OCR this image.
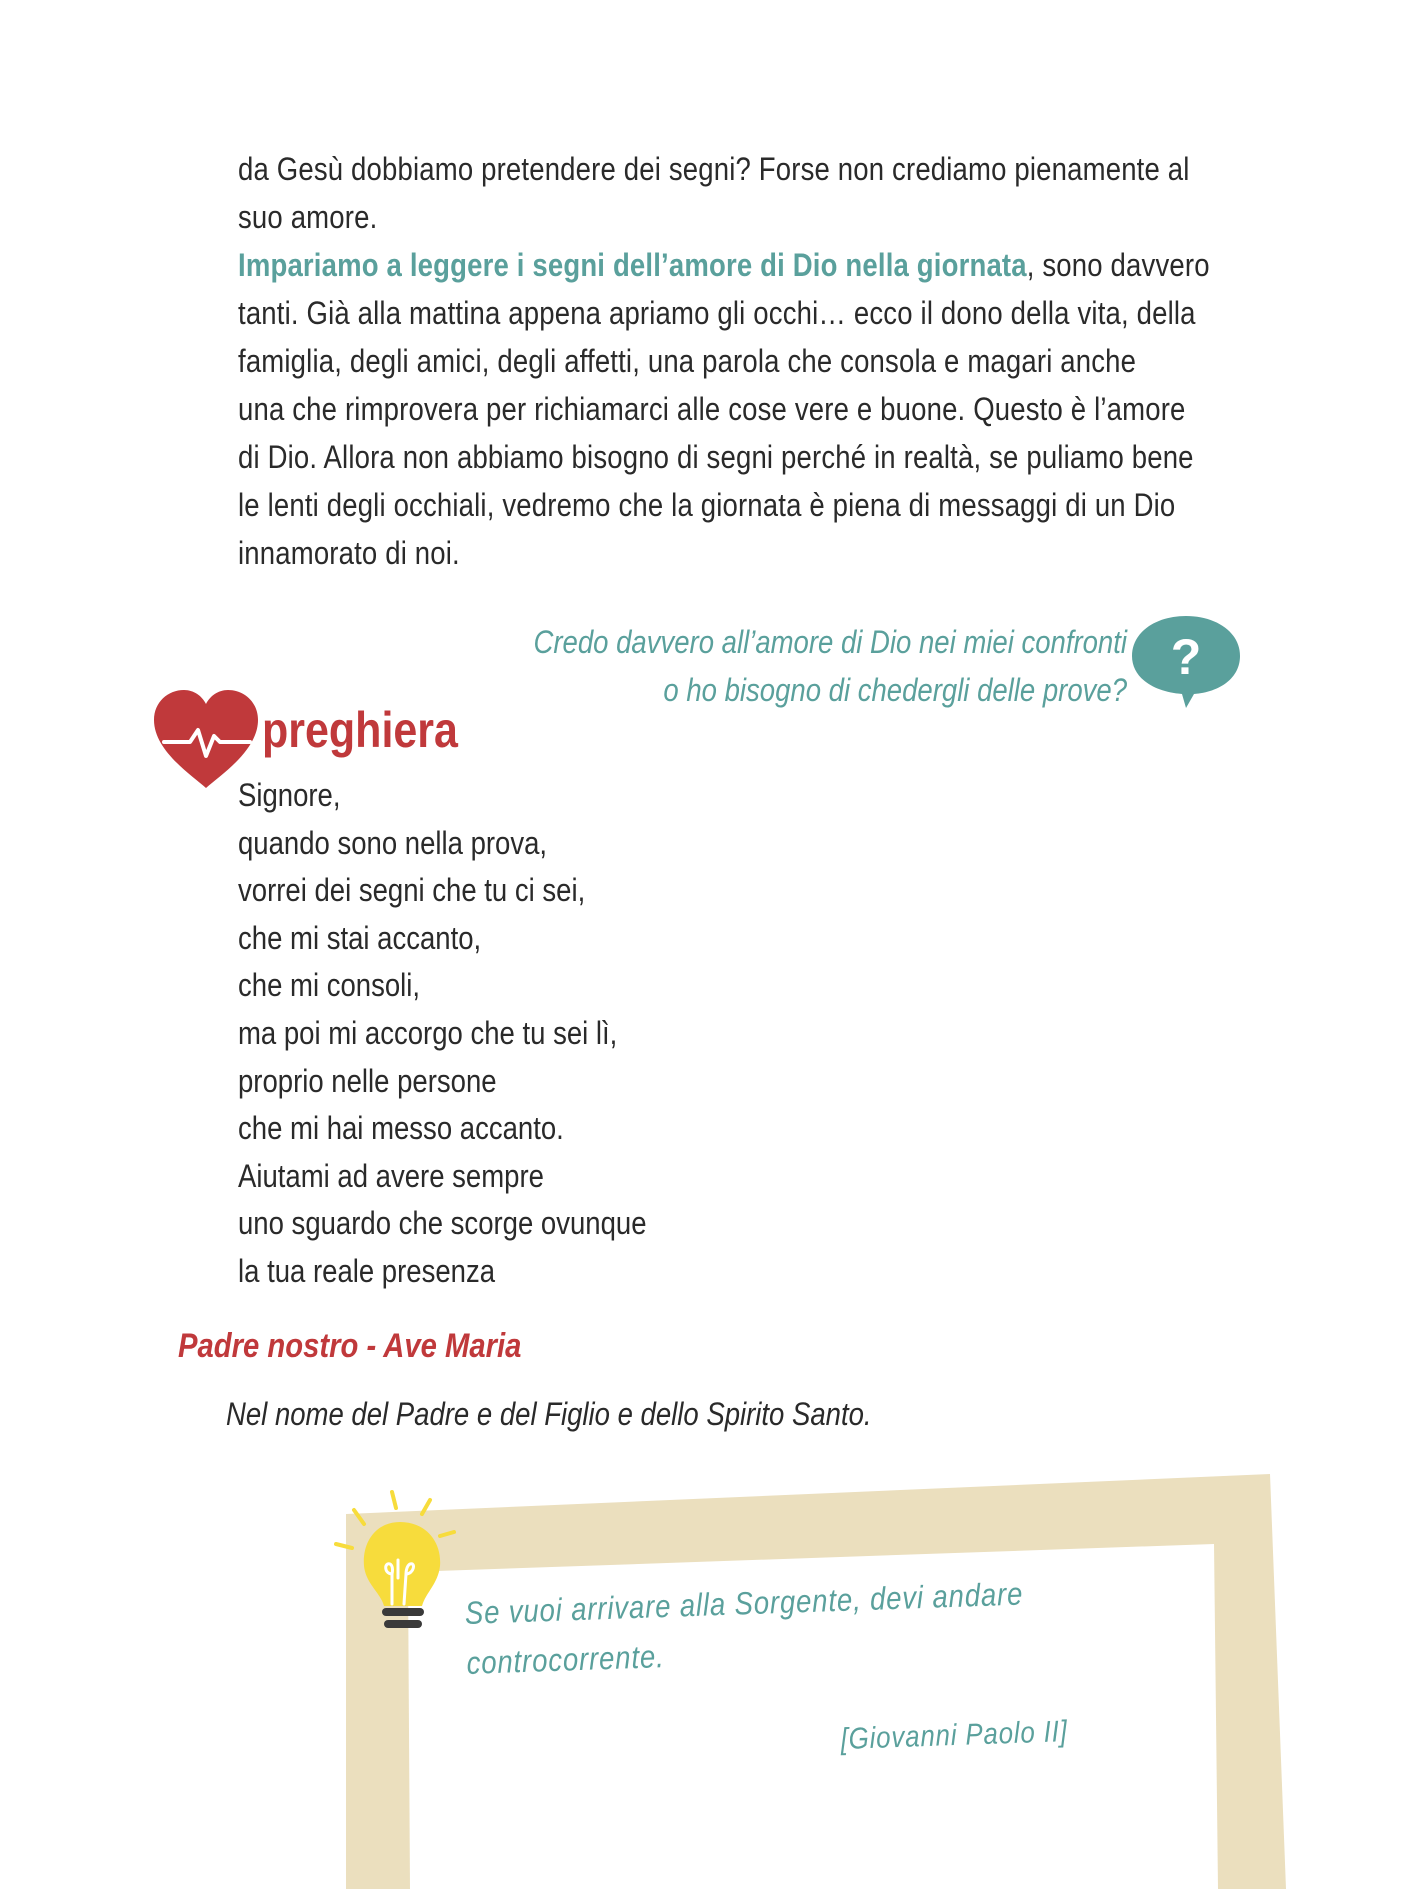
da Gesù dobbiamo pretendere dei segni? Forse non crediamo pienamente al
suo amore.
Impariamo a leggere i segni dell’amore di Dio nella giornata, sono davvero
tanti. Già alla mattina appena apriamo gli occhi… ecco il dono della vita, della
famiglia, degli amici, degli affetti, una parola che consola e magari anche
una che rimprovera per richiamarci alle cose vere e buone. Questo è l’amore
di Dio. Allora non abbiamo bisogno di segni perché in realtà, se puliamo bene
le lenti degli occhiali, vedremo che la giornata è piena di messaggi di un Dio
innamorato di noi.
Credo davvero all’amore di Dio nei miei confronti
o ho bisogno di chedergli delle prove?
?
preghiera
Signore,
quando sono nella prova,
vorrei dei segni che tu ci sei,
che mi stai accanto,
che mi consoli,
ma poi mi accorgo che tu sei lì,
proprio nelle persone
che mi hai messo accanto.
Aiutami ad avere sempre
uno sguardo che scorge ovunque
la tua reale presenza
Padre nostro - Ave Maria
Nel nome del Padre e del Figlio e dello Spirito Santo.
Se vuoi arrivare alla Sorgente, devi andare
controcorrente.
[Giovanni Paolo II]
